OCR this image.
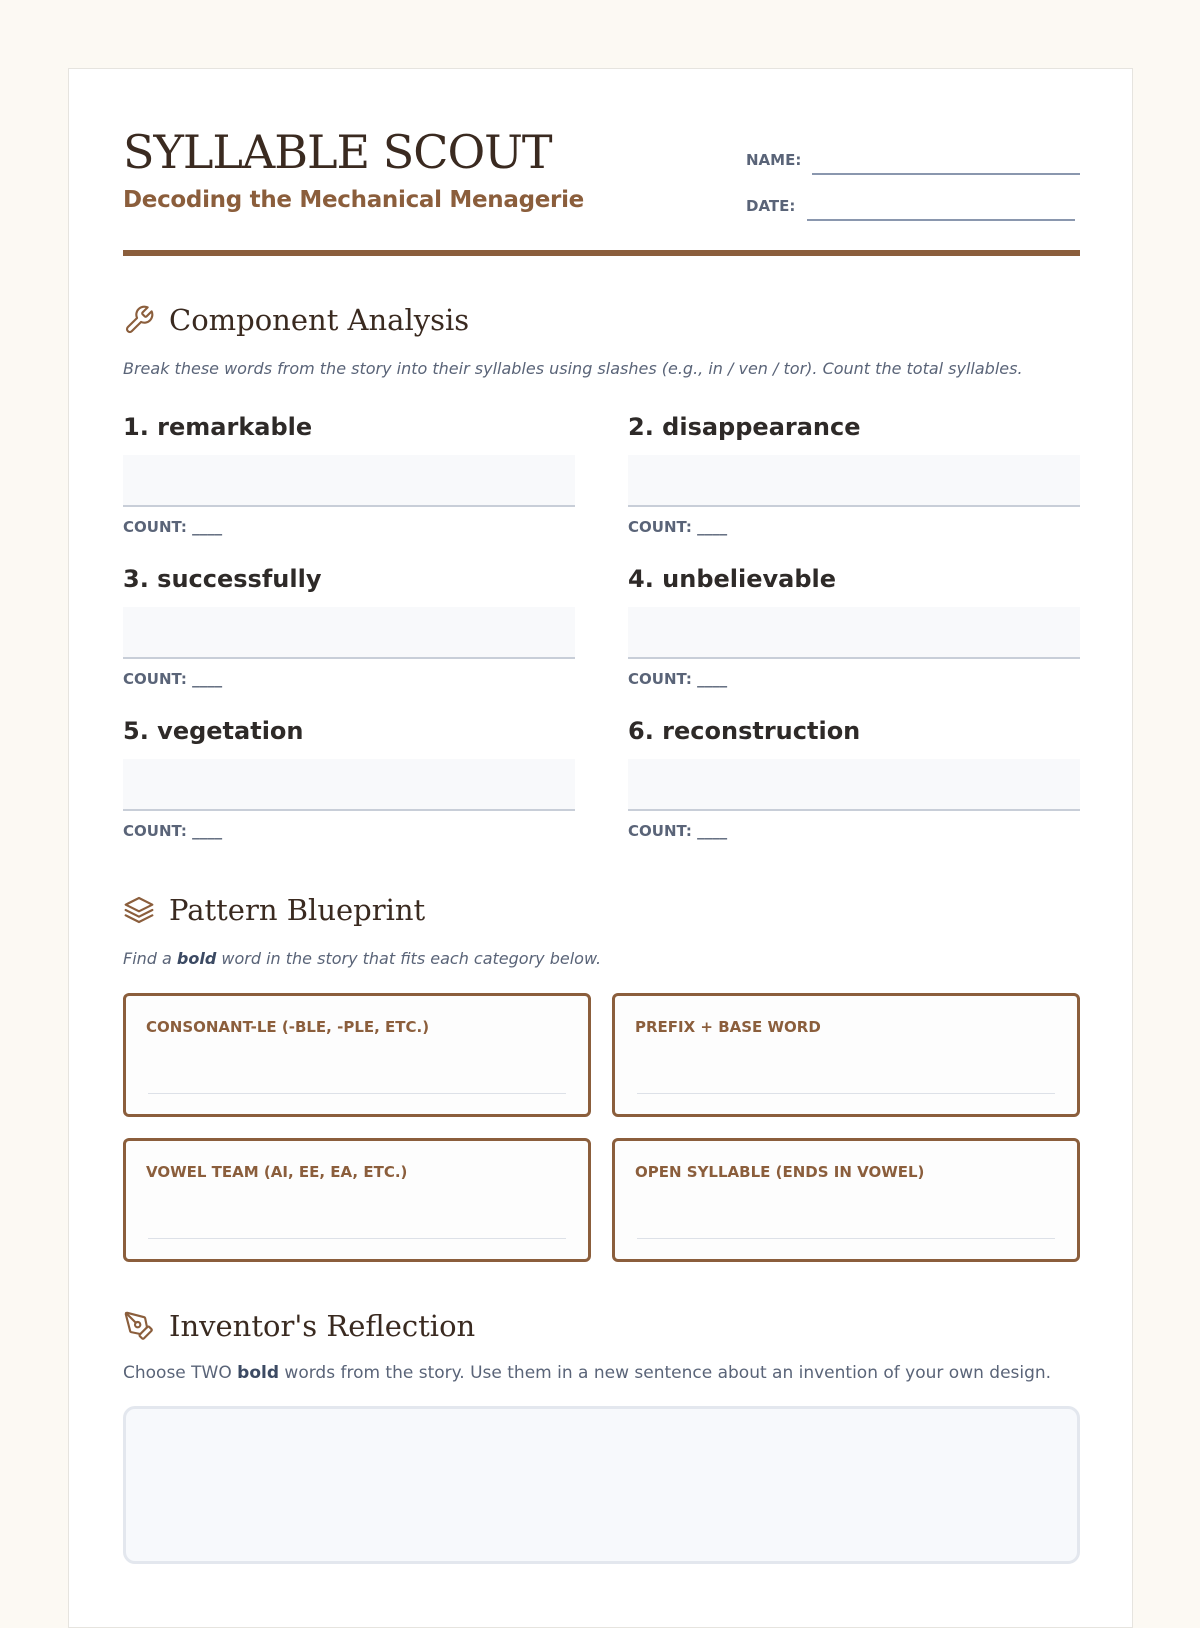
SYLLABLE SCOUT
Decoding the Mechanical Menagerie
NAME:
DATE:
Component Analysis
Break these words from the story into their syllables using slashes (e.g., in / ven / tor). Count the total syllables.
1. remarkable
COUNT: ____
2. disappearance
COUNT: ____
3. successfully
COUNT: ____
4. unbelievable
COUNT: ____
5. vegetation
COUNT: ____
6. reconstruction
COUNT: ____
Pattern Blueprint
Find a bold word in the story that fits each category below.
CONSONANT-LE (-BLE, -PLE, ETC.)	PREFIX + BASE WORD
VOWEL TEAM (AI, EE, EA, ETC.)	OPEN SYLLABLE (ENDS IN VOWEL)
Inventor's Reflection
Choose TWO bold words from the story. Use them in a new sentence about an invention of your own design.
